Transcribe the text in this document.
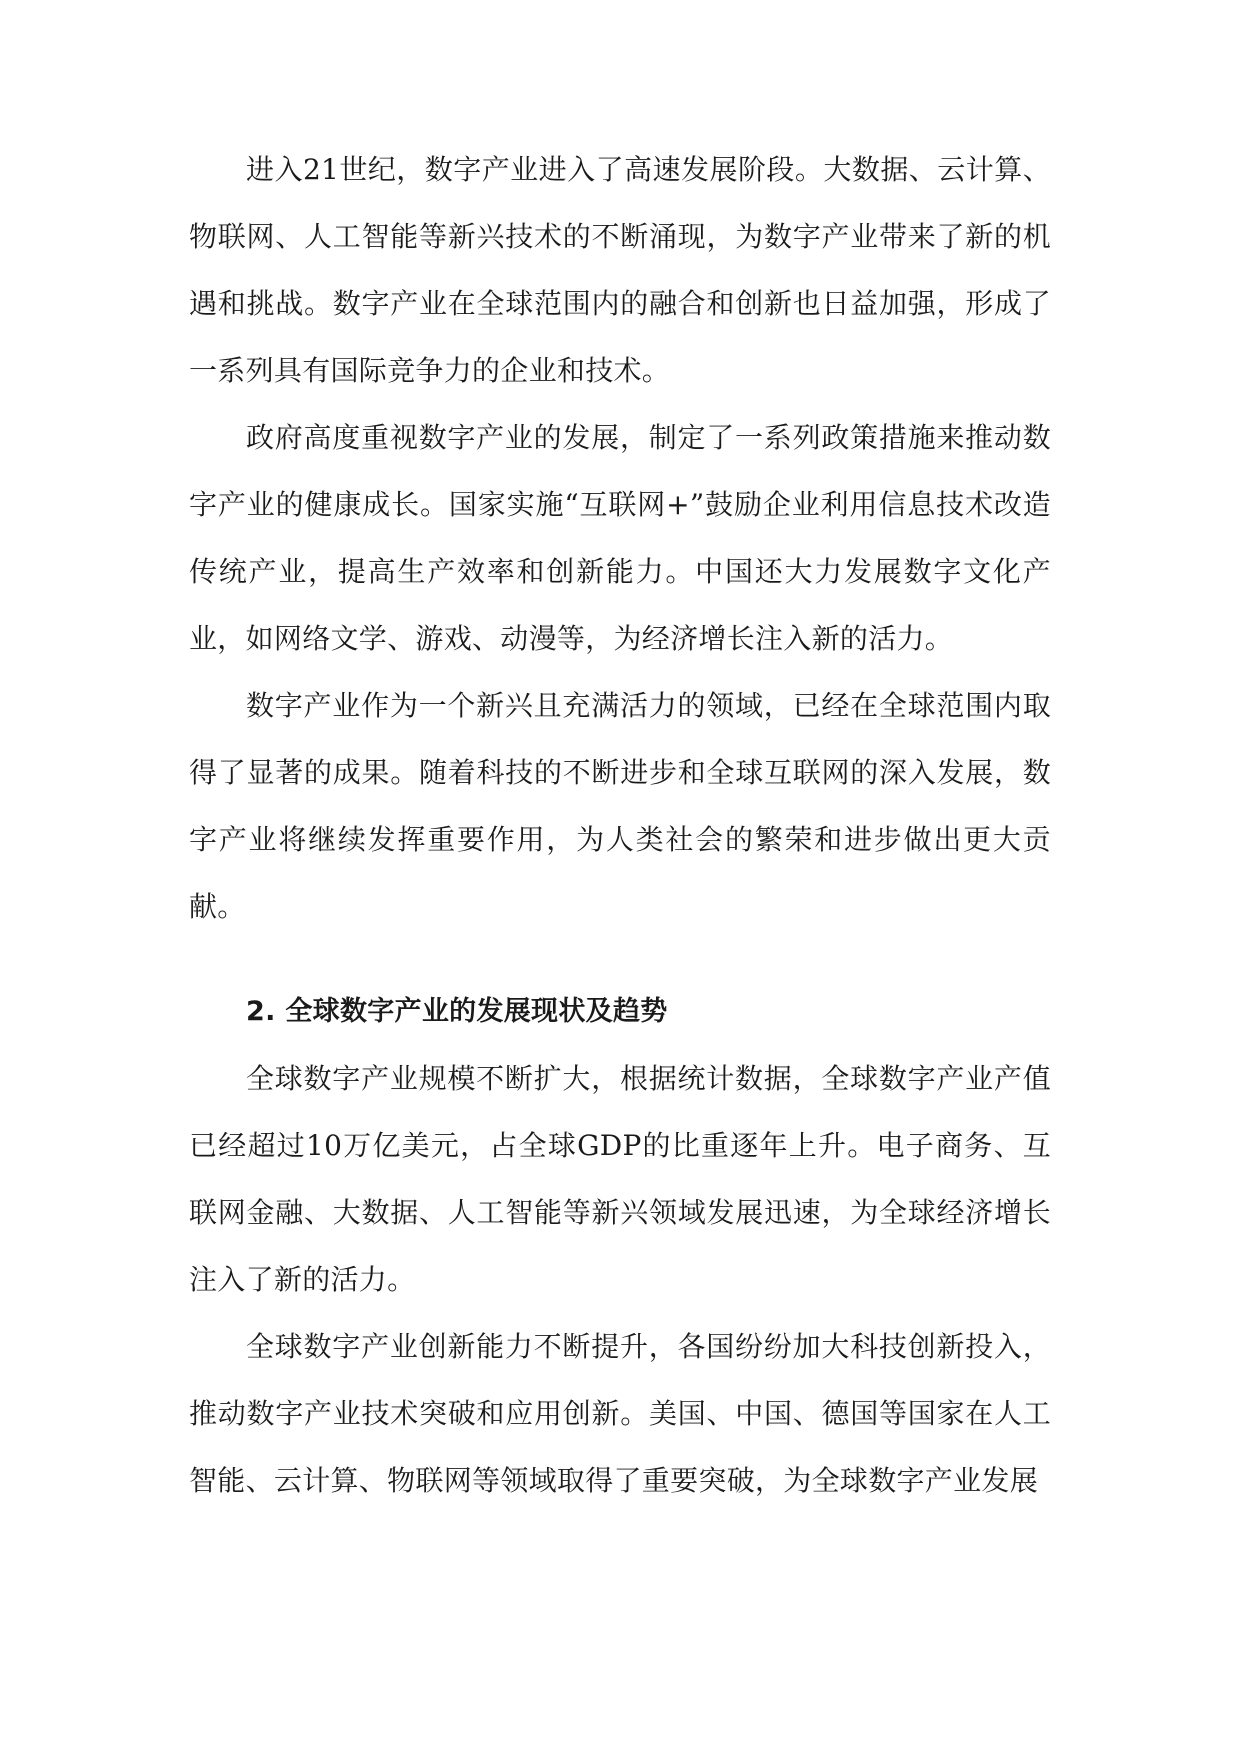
进入21世纪，数字产业进入了高速发展阶段。大数据、云计算、物联网、人工智能等新兴技术的不断涌现，为数字产业带来了新的机遇和挑战。数字产业在全球范围内的融合和创新也日益加强，形成了一系列具有国际竞争力的企业和技术。

政府高度重视数字产业的发展，制定了一系列政策措施来推动数字产业的健康成长。国家实施“互联网+”鼓励企业利用信息技术改造传统产业，提高生产效率和创新能力。中国还大力发展数字文化产业，如网络文学、游戏、动漫等，为经济增长注入新的活力。

数字产业作为一个新兴且充满活力的领域，已经在全球范围内取得了显著的成果。随着科技的不断进步和全球互联网的深入发展，数字产业将继续发挥重要作用，为人类社会的繁荣和进步做出更大贡献。

2. 全球数字产业的发展现状及趋势

全球数字产业规模不断扩大，根据统计数据，全球数字产业产值已经超过10万亿美元，占全球GDP的比重逐年上升。电子商务、互联网金融、大数据、人工智能等新兴领域发展迅速，为全球经济增长注入了新的活力。

全球数字产业创新能力不断提升，各国纷纷加大科技创新投入，推动数字产业技术突破和应用创新。美国、中国、德国等国家在人工智能、云计算、物联网等领域取得了重要突破，为全球数字产业发展
